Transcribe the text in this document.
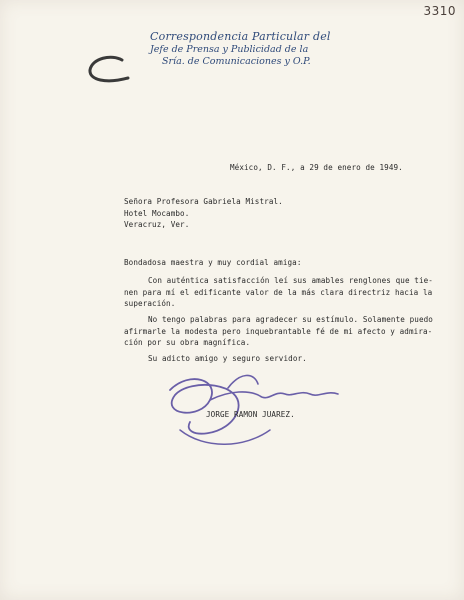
3310
Correspondencia Particular del
Jefe de Prensa y Publicidad de la
Sría. de Comunicaciones y O.P.
México, D. F., a 29 de enero de 1949.
Señora Profesora Gabriela Mistral.
Hotel Mocambo.
Veracruz, Ver.
Bondadosa maestra y muy cordial amiga:
Con auténtica satisfacción leí sus amables renglones que tie-
nen para mí el edificante valor de la más clara directriz hacia la
superación.
No tengo palabras para agradecer su estímulo. Solamente puedo
afirmarle la modesta pero inquebrantable fé de mi afecto y admira-
ción por su obra magnífica.
Su adicto amigo y seguro servidor.
JORGE RAMON JUAREZ.
